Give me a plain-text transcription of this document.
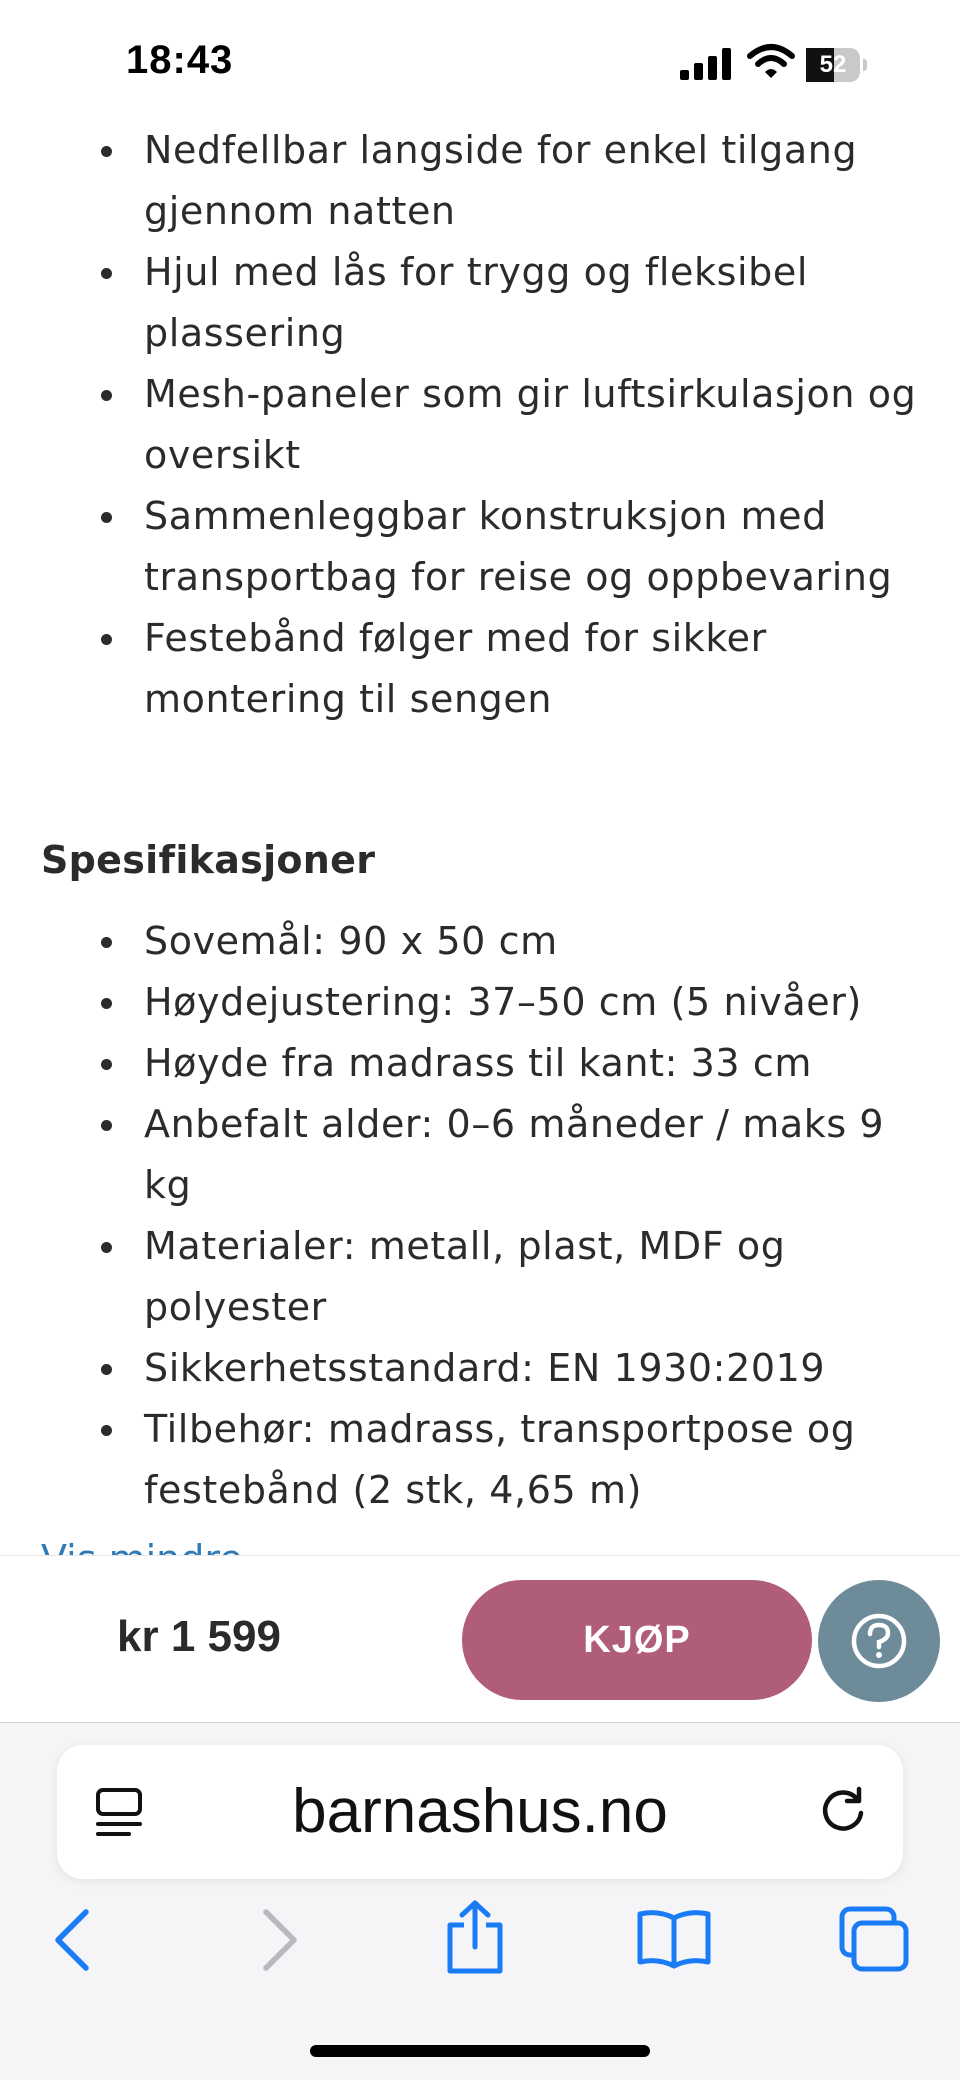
18:43	52
Nedfellbar langside for enkel tilgang gjennom natten
Hjul med lås for trygg og fleksibel plassering
Mesh-paneler som gir luftsirkulasjon og oversikt
Sammenleggbar konstruksjon med transportbag for reise og oppbevaring
Festebånd følger med for sikker montering til sengen
Spesifikasjoner
Sovemål: 90 x 50 cm
Høydejustering: 37–50 cm (5 nivåer)
Høyde fra madrass til kant: 33 cm
Anbefalt alder: 0–6 måneder / maks 9 kg
Materialer: metall, plast, MDF og polyester
Sikkerhetsstandard: EN 1930:2019
Tilbehør: madrass, transportpose og festebånd (2 stk, 4,65 m)
kr 1 599	KJØP
barnashus.no
